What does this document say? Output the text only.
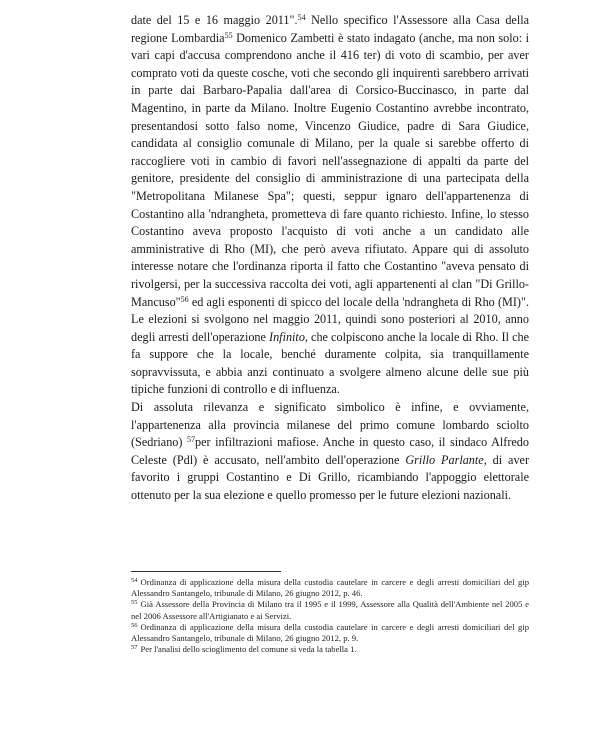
date del 15 e 16 maggio 2011".$^{54}$ Nello specifico l'Assessore alla Casa della regione Lombardia$^{55}$ Domenico Zambetti è stato indagato (anche, ma non solo: i vari capi d'accusa comprendono anche il 416 ter) di voto di scambio, per aver comprato voti da queste cosche, voti che secondo gli inquirenti sarebbero arrivati in parte dai Barbaro-Papalia dall'area di Corsico-Buccinasco, in parte dal Magentino, in parte da Milano. Inoltre Eugenio Costantino avrebbe incontrato, presentandosi sotto falso nome, Vincenzo Giudice, padre di Sara Giudice, candidata al consiglio comunale di Milano, per la quale si sarebbe offerto di raccogliere voti in cambio di favori nell'assegnazione di appalti da parte del genitore, presidente del consiglio di amministrazione di una partecipata della "Metropolitana Milanese Spa"; questi, seppur ignaro dell'appartenenza di Costantino alla 'ndrangheta, prometteva di fare quanto richiesto. Infine, lo stesso Costantino aveva proposto l'acquisto di voti anche a un candidato alle amministrative di Rho (MI), che però aveva rifiutato. Appare qui di assoluto interesse notare che l'ordinanza riporta il fatto che Costantino "aveva pensato di rivolgersi, per la successiva raccolta dei voti, agli appartenenti al clan "Di Grillo-Mancuso"$^{56}$ ed agli esponenti di spicco del locale della 'ndrangheta di Rho (MI)". Le elezioni si svolgono nel maggio 2011, quindi sono posteriori al 2010, anno degli arresti dell'operazione Infinito, che colpiscono anche la locale di Rho. Il che fa suppore che la locale, benché duramente colpita, sia tranquillamente sopravvissuta, e abbia anzi continuato a svolgere almeno alcune delle sue più tipiche funzioni di controllo e di influenza.

Di assoluta rilevanza e significato simbolico è infine, e ovviamente, l'appartenenza alla provincia milanese del primo comune lombardo sciolto (Sedriano) $^{57}$per infiltrazioni mafiose. Anche in questo caso, il sindaco Alfredo Celeste (Pdl) è accusato, nell'ambito dell'operazione Grillo Parlante, di aver favorito i gruppi Costantino e Di Grillo, ricambiando l'appoggio elettorale ottenuto per la sua elezione e quello promesso per le future elezioni nazionali.

$^{54}$ Ordinanza di applicazione della misura della custodia cautelare in carcere e degli arresti domiciliari del gip Alessandro Santangelo, tribunale di Milano, 26 giugno 2012, p. 46.

$^{55}$ Già Assessore della Provincia di Milano tra il 1995 e il 1999, Assessore alla Qualità dell'Ambiente nel 2005 e nel 2006 Assessore all'Artigianato e ai Servizi.

$^{56}$ Ordinanza di applicazione della misura della custodia cautelare in carcere e degli arresti domiciliari del gip Alessandro Santangelo, tribunale di Milano, 26 giugno 2012, p. 9.

$^{57}$ Per l'analisi dello scioglimento del comune si veda la tabella 1.
